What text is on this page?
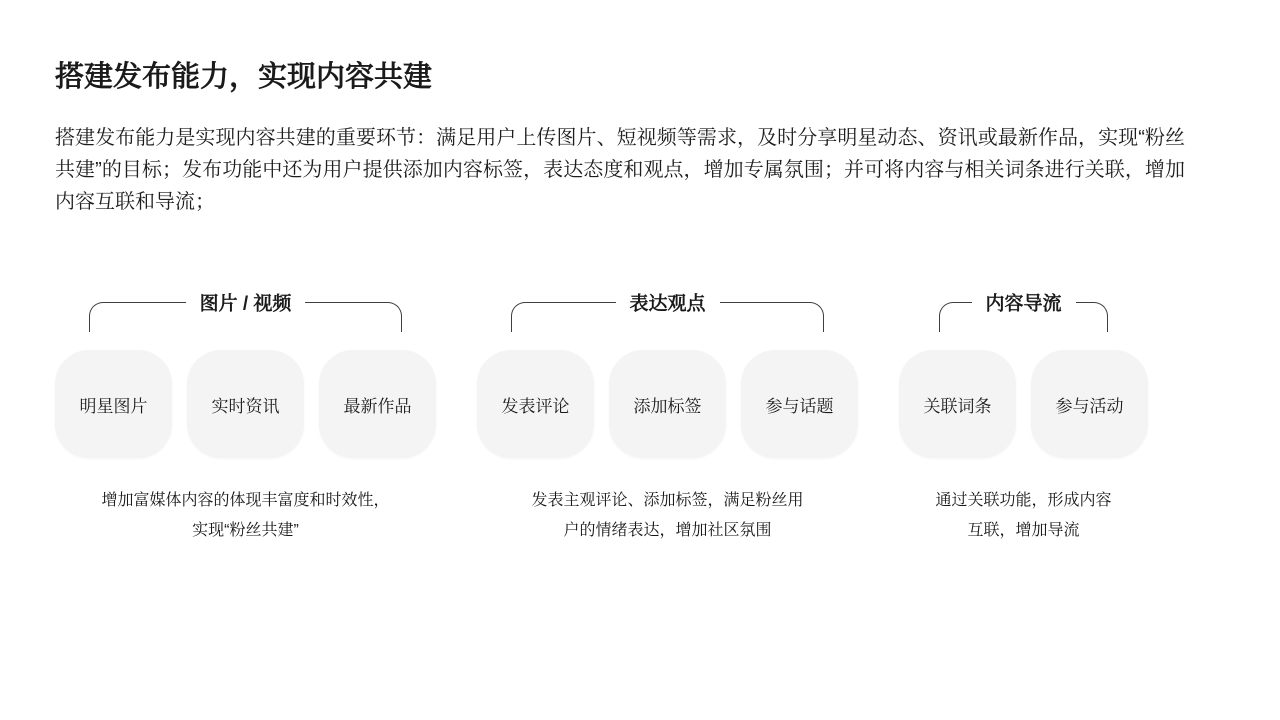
搭建发布能力，实现内容共建

搭建发布能力是实现内容共建的重要环节：满足用户上传图片、短视频等需求，及时分享明星动态、资讯或最新作品，实现“粉丝共建”的目标；发布功能中还为用户提供添加内容标签，表达态度和观点，增加专属氛围；并可将内容与相关词条进行关联，增加内容互联和导流；

图片 / 视频
明星图片	实时资讯	最新作品
增加富媒体内容的体现丰富度和时效性，
实现“粉丝共建”
表达观点
发表评论	添加标签	参与话题
发表主观评论、添加标签，满足粉丝用
户的情绪表达，增加社区氛围
内容导流
关联词条	参与活动
通过关联功能，形成内容
互联，增加导流
